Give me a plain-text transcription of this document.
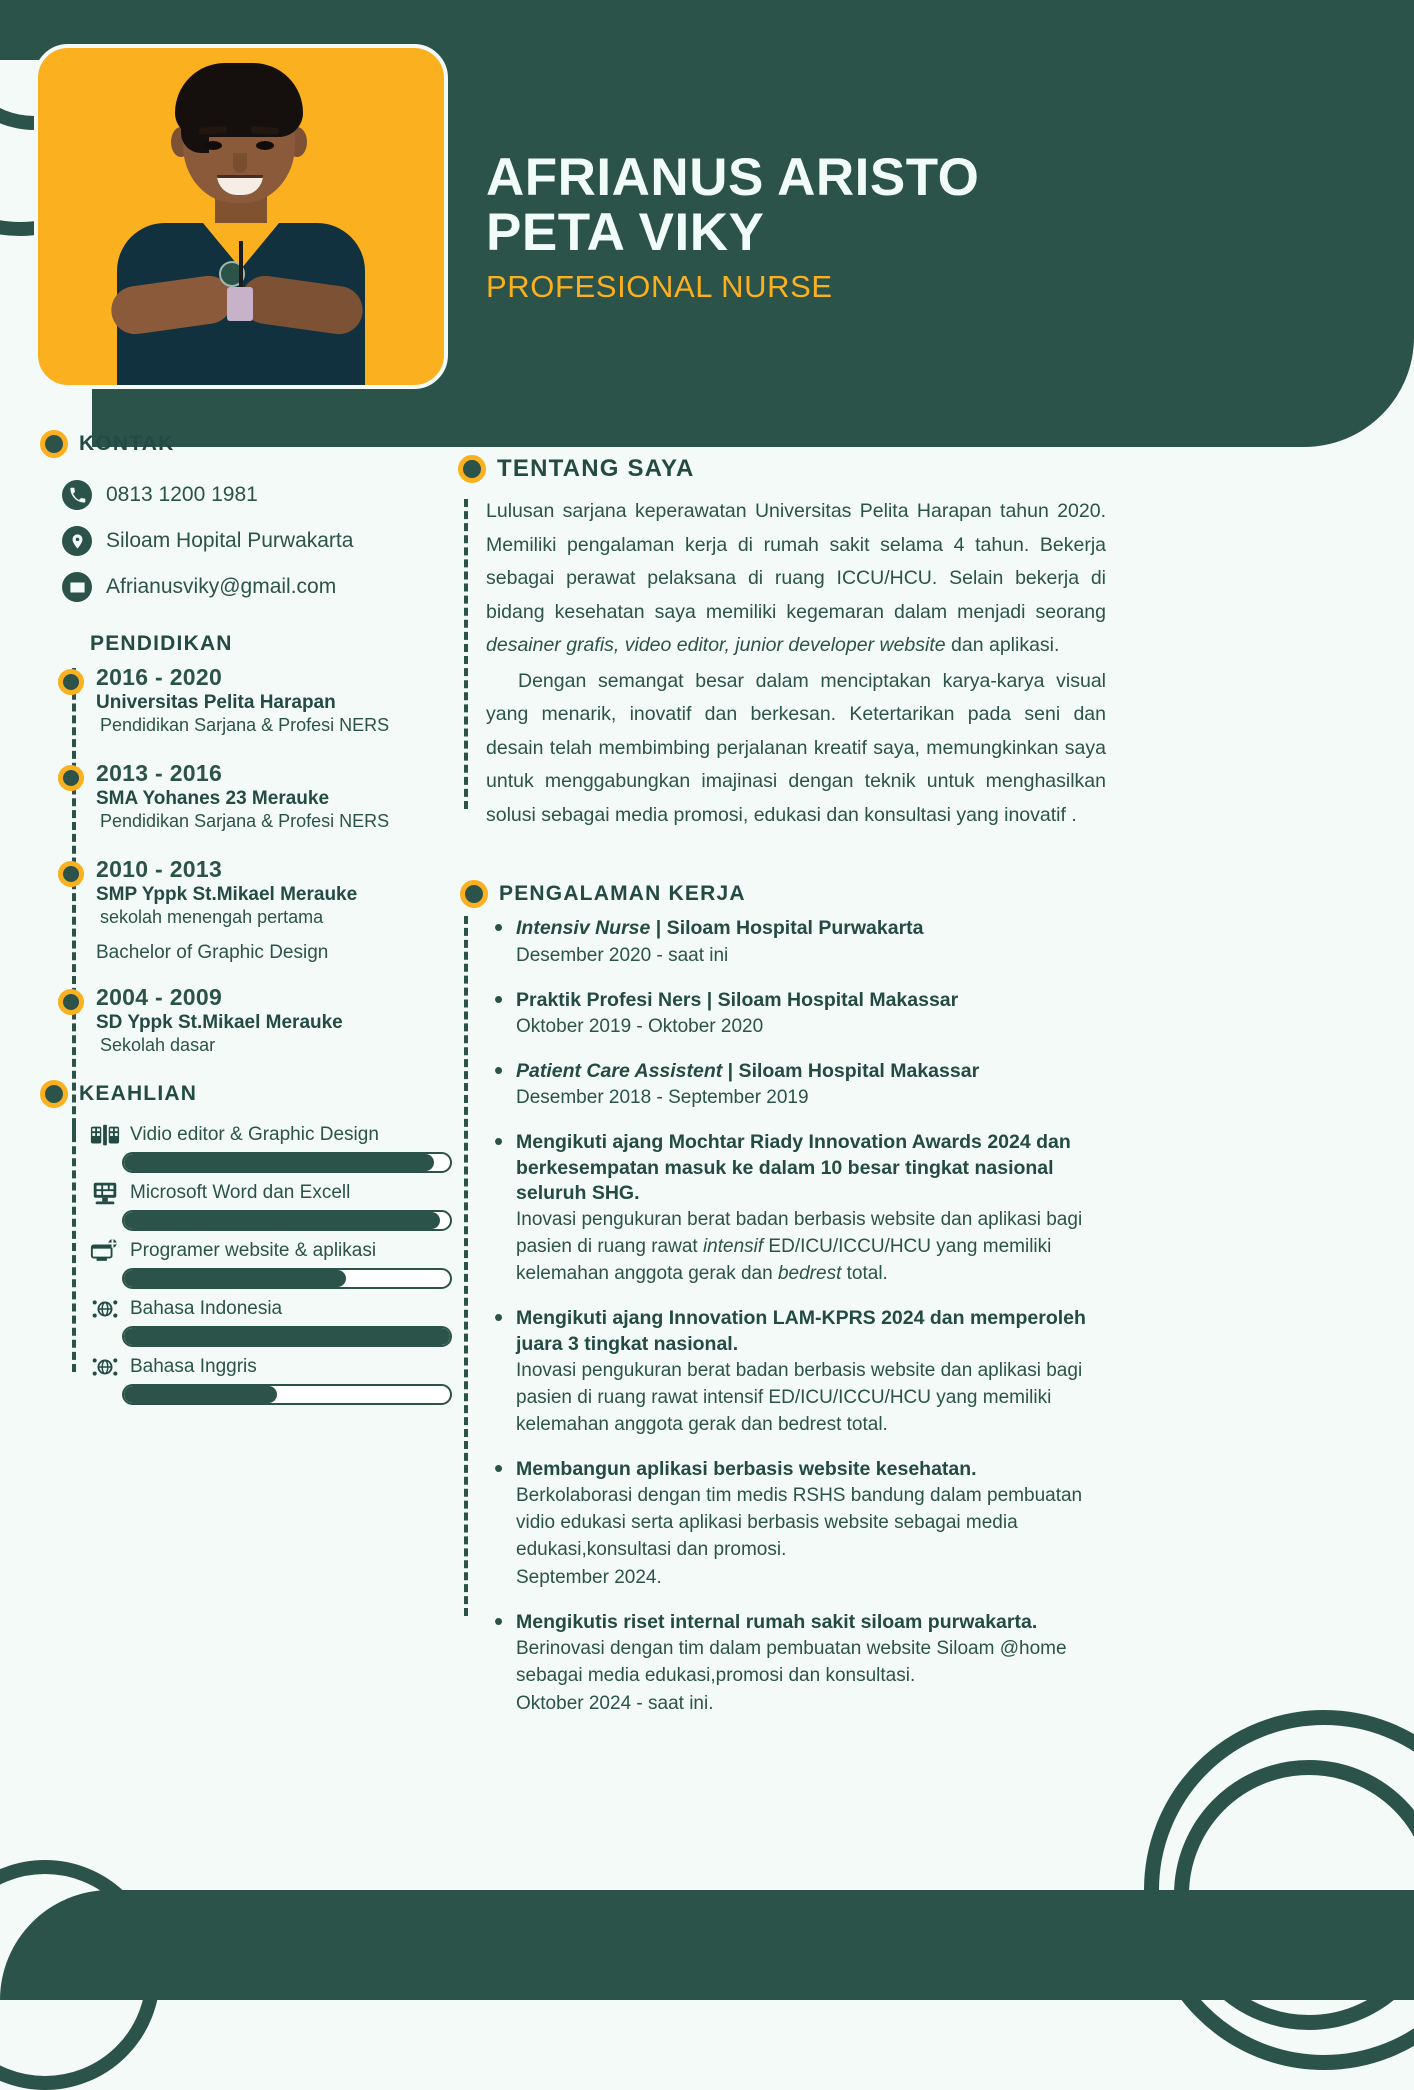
AFRIANUS ARISTO
PETA VIKY
PROFESIONAL NURSE
KONTAK
0813 1200 1981
Siloam Hopital Purwakarta
Afrianusviky@gmail.com
PENDIDIKAN
2016 - 2020
Universitas Pelita Harapan
Pendidikan Sarjana & Profesi NERS
2013 - 2016
SMA Yohanes 23 Merauke
Pendidikan Sarjana & Profesi NERS
2010 - 2013
SMP Yppk St.Mikael Merauke
sekolah menengah pertama
Bachelor of Graphic Design
2004 - 2009
SD Yppk St.Mikael Merauke
Sekolah dasar
KEAHLIAN
Vidio editor & Graphic Design
Microsoft Word dan Excell
Programer website & aplikasi
Bahasa Indonesia
Bahasa Inggris
TENTANG SAYA

Lulusan sarjana keperawatan Universitas Pelita Harapan tahun 2020. Memiliki pengalaman kerja di rumah sakit selama 4 tahun. Bekerja sebagai perawat pelaksana di ruang ICCU/HCU. Selain bekerja di bidang kesehatan saya memiliki kegemaran dalam menjadi seorang desainer grafis, video editor, junior developer website dan aplikasi.

Dengan semangat besar dalam menciptakan karya-karya visual yang menarik, inovatif dan berkesan. Ketertarikan pada seni dan desain telah membimbing perjalanan kreatif saya, memungkinkan saya untuk menggabungkan imajinasi dengan teknik untuk menghasilkan solusi sebagai media promosi, edukasi dan konsultasi yang inovatif .

PENGALAMAN KERJA
• Intensiv Nurse | Siloam Hospital Purwakarta
Desember 2020 - saat ini
• Praktik Profesi Ners | Siloam Hospital Makassar
Oktober 2019 - Oktober 2020
• Patient Care Assistent | Siloam Hospital Makassar
Desember 2018 - September 2019
• Mengikuti ajang Mochtar Riady Innovation Awards 2024 dan berkesempatan masuk ke dalam 10 besar tingkat nasional seluruh SHG.
Inovasi pengukuran berat badan berbasis website dan aplikasi bagi pasien di ruang rawat intensif ED/ICU/ICCU/HCU yang memiliki kelemahan anggota gerak dan bedrest total.
• Mengikuti ajang Innovation LAM-KPRS 2024 dan memperoleh juara 3 tingkat nasional.
Inovasi pengukuran berat badan berbasis website dan aplikasi bagi pasien di ruang rawat intensif ED/ICU/ICCU/HCU yang memiliki kelemahan anggota gerak dan bedrest total.
• Membangun aplikasi berbasis website kesehatan.
Berkolaborasi dengan tim medis RSHS bandung dalam pembuatan vidio edukasi serta aplikasi berbasis website sebagai media edukasi,konsultasi dan promosi.
September 2024.
• Mengikutis riset internal rumah sakit siloam purwakarta.
Berinovasi dengan tim dalam pembuatan website Siloam @home sebagai media edukasi,promosi dan konsultasi.
Oktober 2024 - saat ini.
